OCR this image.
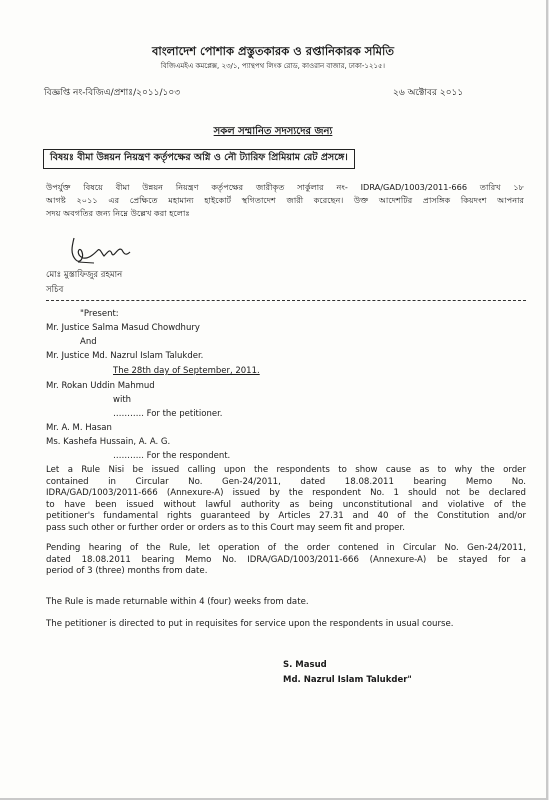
বাংলাদেশ পোশাক প্রস্তুতকারক ও রপ্তানিকারক সমিতি
বিজিএমইএ কমপ্লেক্স, ২৩/১, প্যান্থপথ লিংক রোড, কাওরান বাজার, ঢাকা-১২১৫।
বিজ্ঞপ্তি নং-বিজিএ/প্রশাঃ/২০১১/১০৩	২৬ অক্টোবর ২০১১
সকল সম্মানিত সদস্যদের জন্য
বিষয়ঃ বীমা উন্নয়ন নিয়ন্ত্রণ কর্তৃপক্ষের অগ্নি ও নৌ ট্যারিফ প্রিমিয়াম রেট প্রসঙ্গে।
উপর্যুক্ত বিষয়ে বীমা উন্নয়ন নিয়ন্ত্রণ কর্তৃপক্ষের জারীকৃত সার্কুলার নং- IDRA/GAD/1003/2011-666 তারিখ ১৮
আগষ্ট ২০১১ এর প্রেক্ষিতে মহামান্য হাইকোর্ট স্থগিতাদেশ জারী করেছেন। উক্ত আদেশটির প্রাসঙ্গিক কিয়দংশ আপনার
সদয় অবগতির জন্য নিম্নে উল্লেখ করা হলোঃ
মোঃ মুস্তাফিজুর রহমান
সচিব
"Present:
Mr. Justice Salma Masud Chowdhury
And
Mr. Justice Md. Nazrul Islam Talukder.
The 28th day of September, 2011.
Mr. Rokan Uddin Mahmud
with
……….. For the petitioner.
Mr. A. M. Hasan
Ms. Kashefa Hussain, A. A. G.
……….. For the respondent.
Let a Rule Nisi be issued calling upon the respondents to show cause as to why the order
contained in Circular No. Gen-24/2011, dated 18.08.2011 bearing Memo No.
IDRA/GAD/1003/2011-666 (Annexure-A) issued by the respondent No. 1 should not be declared
to have been issued without lawful authority as being unconstitutional and violative of the
petitioner's fundamental rights guaranteed by Articles 27.31 and 40 of the Constitution and/or
pass such other or further order or orders as to this Court may seem fit and proper.
Pending hearing of the Rule, let operation of the order contened in Circular No. Gen-24/2011,
dated 18.08.2011 bearing Memo No. IDRA/GAD/1003/2011-666 (Annexure-A) be stayed for a
period of 3 (three) months from date.
The Rule is made returnable within 4 (four) weeks from date.
The petitioner is directed to put in requisites for service upon the respondents in usual course.
S. Masud
Md. Nazrul Islam Talukder"
